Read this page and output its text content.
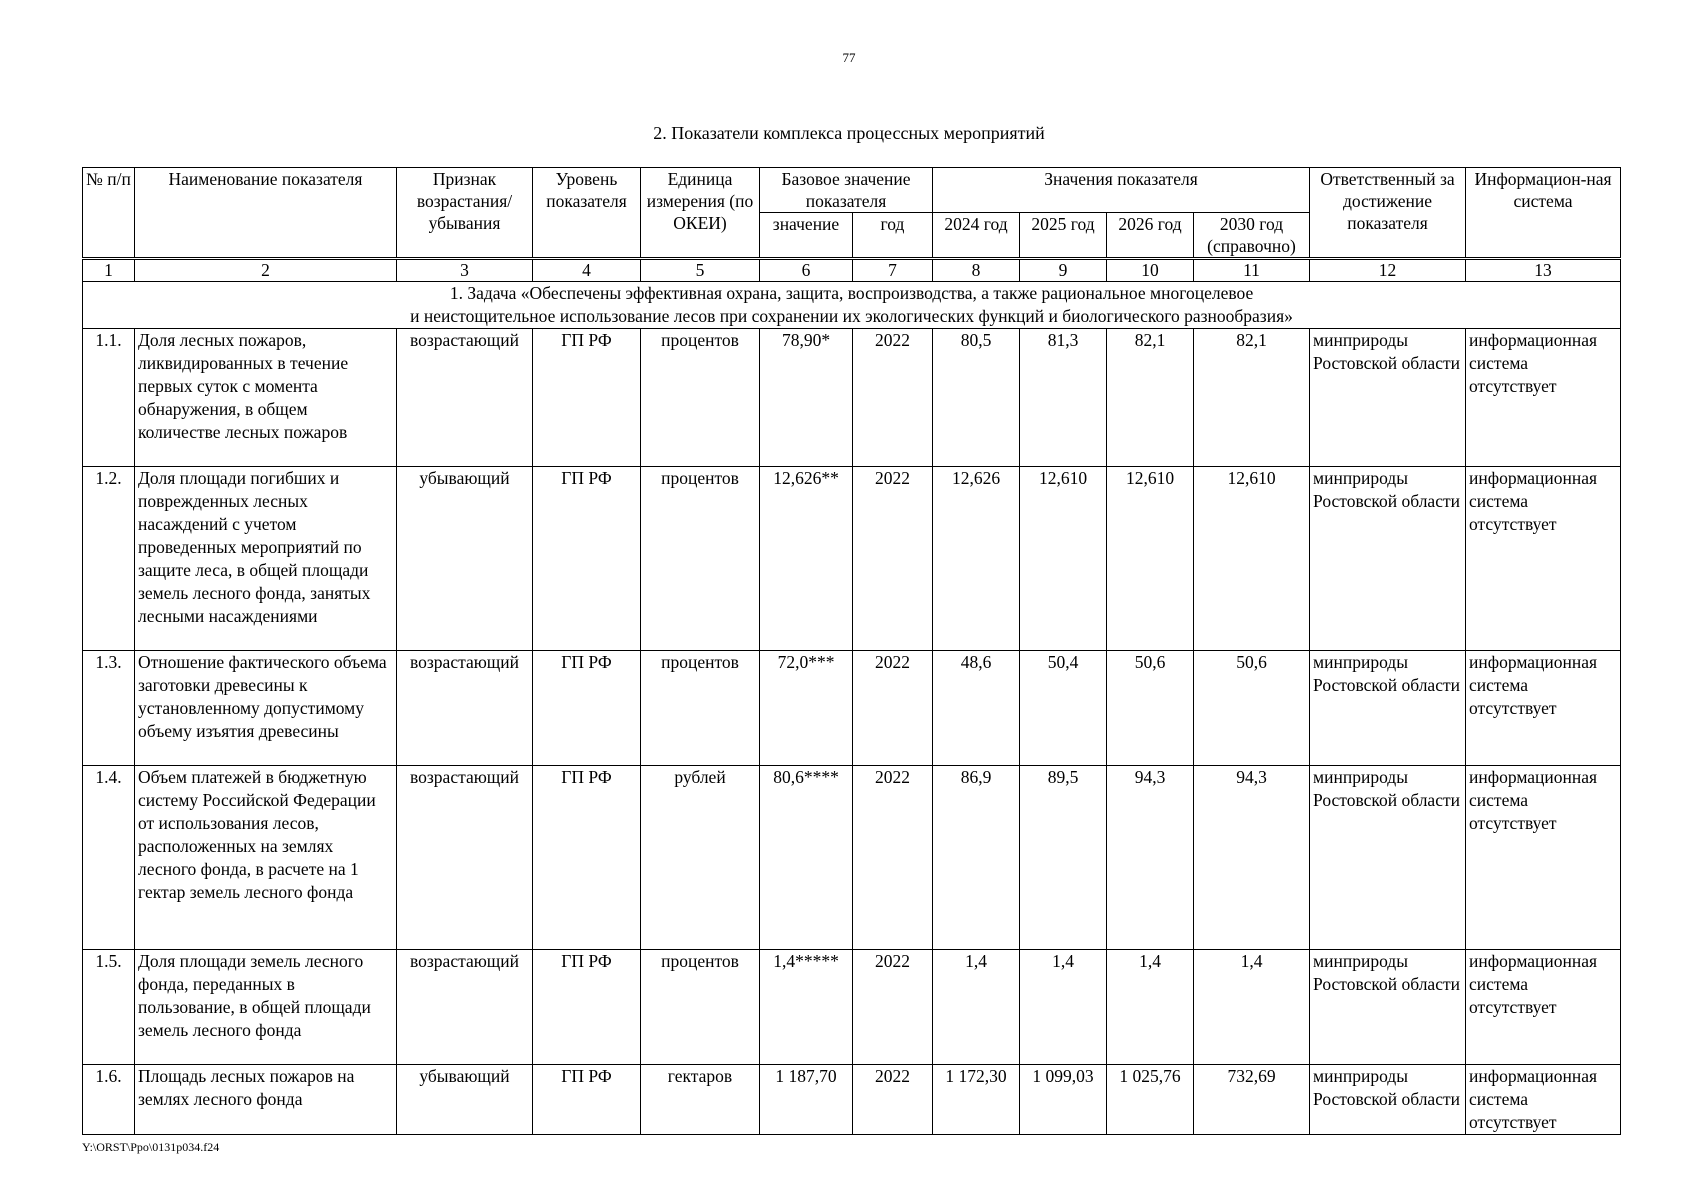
77
2. Показатели комплекса процессных мероприятий
№ п/п	Наименование показателя	Признак возрастания/ убывания	Уровень показателя	Единица измерения (по ОКЕИ)	Базовое значение показателя		Значения показателя				Ответственный за достижение показателя	Информацион-ная система
					значение	год	2024 год	2025 год	2026 год	2030 год (справочно)		
1	2	3	4	5	6	7	8	9	10	11	12	13

1. Задача «Обеспечены эффективная охрана, защита, воспроизводства, а также рациональное многоцелевое
и неистощительное использование лесов при сохранении их экологических функций и биологического разнообразия»												

1.1.	Доля лесных пожаров, ликвидированных в течение первых суток с момента обнаружения, в общем количестве лесных пожаров	возрастающий	ГП РФ	процентов	78,90*	2022	80,5	81,3	82,1	82,1	минприроды Ростовской области	информационная система отсутствует
1.2.	Доля площади погибших и поврежденных лесных насаждений с учетом проведенных мероприятий по защите леса, в общей площади земель лесного фонда, занятых лесными насаждениями	убывающий	ГП РФ	процентов	12,626**	2022	12,626	12,610	12,610	12,610	минприроды Ростовской области	информационная система отсутствует
1.3.	Отношение фактического объема заготовки древесины к установленному допустимому объему изъятия древесины	возрастающий	ГП РФ	процентов	72,0***	2022	48,6	50,4	50,6	50,6	минприроды Ростовской области	информационная система отсутствует
1.4.	Объем платежей в бюджетную систему Российской Федерации от использования лесов, расположенных на землях лесного фонда, в расчете на 1 гектар земель лесного фонда	возрастающий	ГП РФ	рублей	80,6****	2022	86,9	89,5	94,3	94,3	минприроды Ростовской области	информационная система отсутствует
1.5.	Доля площади земель лесного фонда, переданных в пользование, в общей площади земель лесного фонда	возрастающий	ГП РФ	процентов	1,4*****	2022	1,4	1,4	1,4	1,4	минприроды Ростовской области	информационная система отсутствует
1.6.	Площадь лесных пожаров на землях лесного фонда	убывающий	ГП РФ	гектаров	1 187,70	2022	1 172,30	1 099,03	1 025,76	732,69	минприроды Ростовской области	информационная система отсутствует
Y:\ORST\Ppo\0131p034.f24
